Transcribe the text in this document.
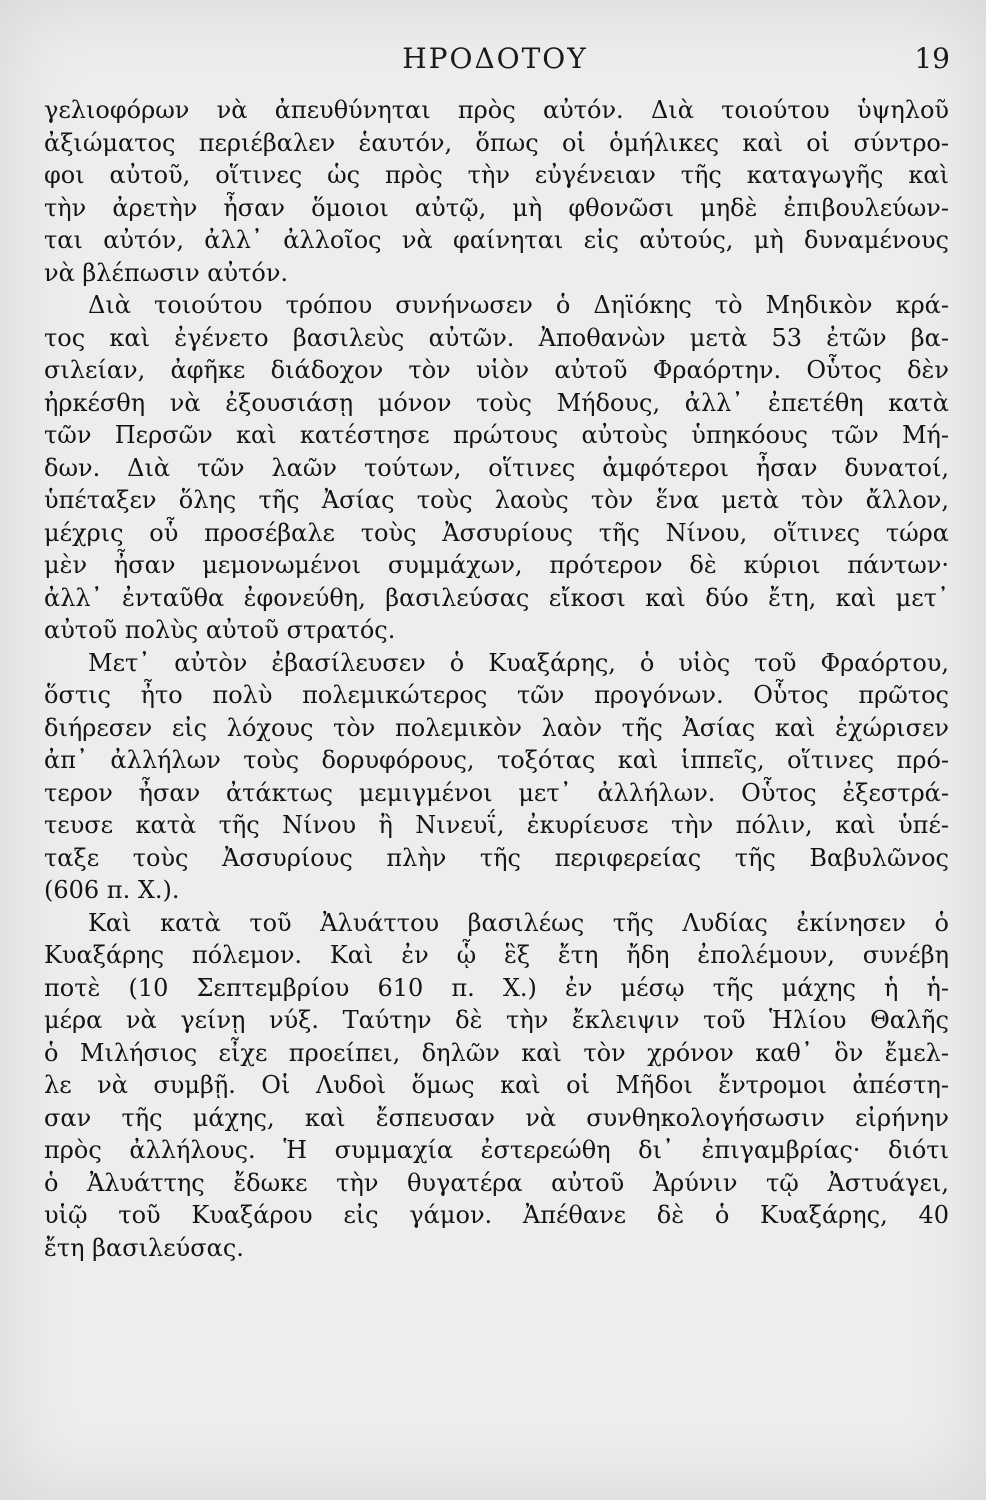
ΗΡΟΔΟΤΟΥ	19
γελιοφόρων νὰ ἀπευθύνηται πρὸς αὐτόν. Διὰ τοιούτου ὑψηλοῦ
ἀξιώματος περιέβαλεν ἑαυτόν, ὅπως οἱ ὁμήλικες καὶ οἱ σύντρο-
φοι αὐτοῦ, οἵτινες ὡς πρὸς τὴν εὐγένειαν τῆς καταγωγῆς καὶ
τὴν ἀρετὴν ἦσαν ὅμοιοι αὐτῷ, μὴ φθονῶσι μηδὲ ἐπιβουλεύων-
ται αὐτόν, ἀλλ᾽ ἀλλοῖος νὰ φαίνηται εἰς αὐτούς, μὴ δυναμένους
νὰ βλέπωσιν αὐτόν.
Διὰ τοιούτου τρόπου συνήνωσεν ὁ Δηϊόκης τὸ Μηδικὸν κρά-
τος καὶ ἐγένετο βασιλεὺς αὐτῶν. Ἀποθανὼν μετὰ 53 ἐτῶν βα-
σιλείαν, ἀφῆκε διάδοχον τὸν υἱὸν αὐτοῦ Φραόρτην. Οὗτος δὲν
ἠρκέσθη νὰ ἐξουσιάσῃ μόνον τοὺς Μήδους, ἀλλ᾽ ἐπετέθη κατὰ
τῶν Περσῶν καὶ κατέστησε πρώτους αὐτοὺς ὑπηκόους τῶν Μή-
δων. Διὰ τῶν λαῶν τούτων, οἵτινες ἀμφότεροι ἦσαν δυνατοί,
ὑπέταξεν ὅλης τῆς Ἀσίας τοὺς λαοὺς τὸν ἕνα μετὰ τὸν ἄλλον,
μέχρις οὗ προσέβαλε τοὺς Ἀσσυρίους τῆς Νίνου, οἵτινες τώρα
μὲν ἦσαν μεμονωμένοι συμμάχων, πρότερον δὲ κύριοι πάντων·
ἀλλ᾽ ἐνταῦθα ἐφονεύθη, βασιλεύσας εἴκοσι καὶ δύο ἔτη, καὶ μετ᾽
αὐτοῦ πολὺς αὐτοῦ στρατός.
Μετ᾽ αὐτὸν ἐβασίλευσεν ὁ Κυαξάρης, ὁ υἱὸς τοῦ Φραόρτου,
ὅστις ἦτο πολὺ πολεμικώτερος τῶν προγόνων. Οὗτος πρῶτος
διήρεσεν εἰς λόχους τὸν πολεμικὸν λαὸν τῆς Ἀσίας καὶ ἐχώρισεν
ἀπ᾽ ἀλλήλων τοὺς δορυφόρους, τοξότας καὶ ἱππεῖς, οἵτινες πρό-
τερον ἦσαν ἀτάκτως μεμιγμένοι μετ᾽ ἀλλήλων. Οὗτος ἐξεστρά-
τευσε κατὰ τῆς Νίνου ἢ Νινευΐ, ἐκυρίευσε τὴν πόλιν, καὶ ὑπέ-
ταξε τοὺς Ἀσσυρίους πλὴν τῆς περιφερείας τῆς Βαβυλῶνος
(606 π. Χ.).
Καὶ κατὰ τοῦ Ἀλυάττου βασιλέως τῆς Λυδίας ἐκίνησεν ὁ
Κυαξάρης πόλεμον. Καὶ ἐν ᾧ ἓξ ἔτη ἤδη ἐπολέμουν, συνέβη
ποτὲ (10 Σεπτεμβρίου 610 π. Χ.) ἐν μέσῳ τῆς μάχης ἡ ἡ-
μέρα νὰ γείνῃ νύξ. Ταύτην δὲ τὴν ἔκλειψιν τοῦ Ἡλίου Θαλῆς
ὁ Μιλήσιος εἶχε προείπει, δηλῶν καὶ τὸν χρόνον καθ᾽ ὃν ἔμελ-
λε νὰ συμβῇ. Οἱ Λυδοὶ ὅμως καὶ οἱ Μῆδοι ἔντρομοι ἀπέστη-
σαν τῆς μάχης, καὶ ἔσπευσαν νὰ συνθηκολογήσωσιν εἰρήνην
πρὸς ἀλλήλους. Ἡ συμμαχία ἐστερεώθη δι᾽ ἐπιγαμβρίας· διότι
ὁ Ἀλυάττης ἔδωκε τὴν θυγατέρα αὐτοῦ Ἀρύνιν τῷ Ἀστυάγει,
υἱῷ τοῦ Κυαξάρου εἰς γάμον. Ἀπέθανε δὲ ὁ Κυαξάρης, 40
ἔτη βασιλεύσας.
